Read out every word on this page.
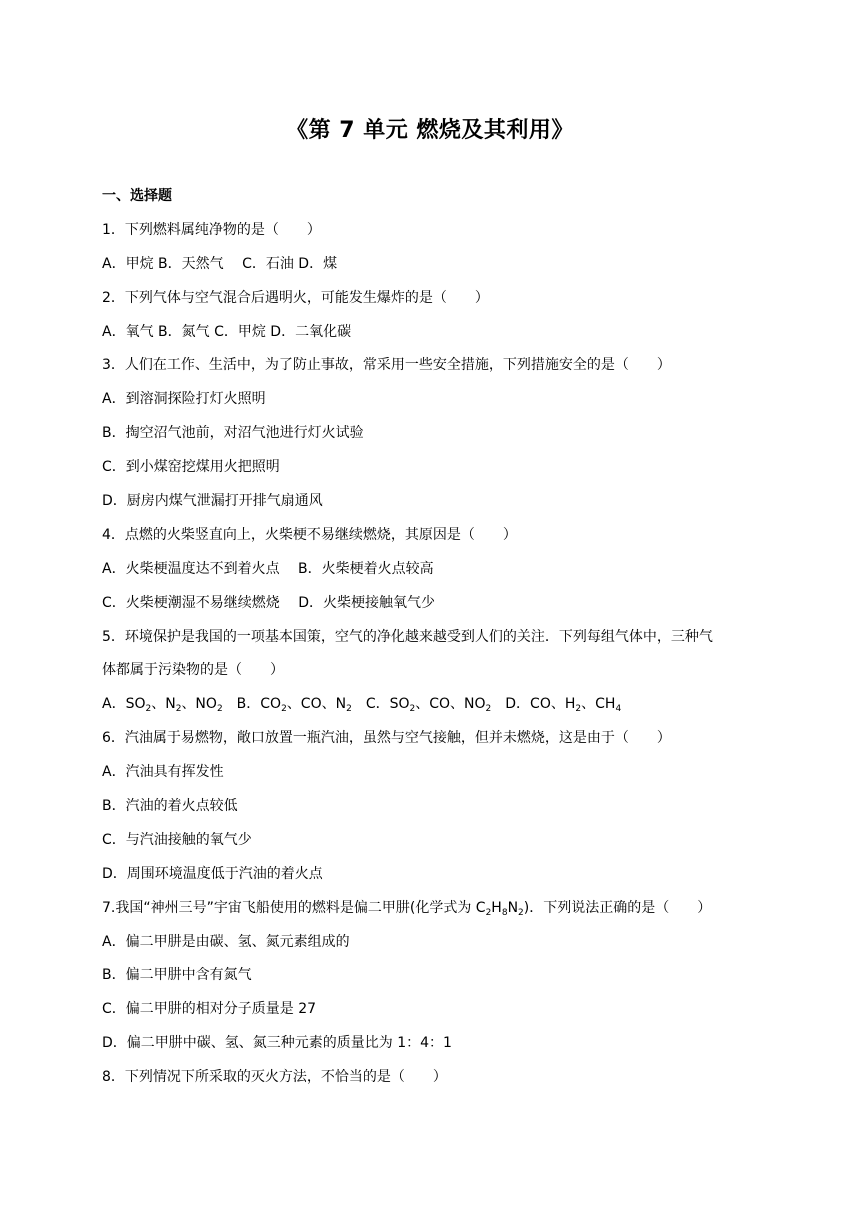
《第 7 单元 燃烧及其利用》
一、选择题
1．下列燃料属纯净物的是（　　）
A．甲烷 B．天然气　 C．石油 D．煤
2．下列气体与空气混合后遇明火，可能发生爆炸的是（　　）
A．氧气 B．氮气 C．甲烷 D．二氧化碳
3．人们在工作、生活中，为了防止事故，常采用一些安全措施，下列措施安全的是（　　）
A．到溶洞探险打灯火照明
B．掏空沼气池前，对沼气池进行灯火试验
C．到小煤窑挖煤用火把照明
D．厨房内煤气泄漏打开排气扇通风
4．点燃的火柴竖直向上，火柴梗不易继续燃烧，其原因是（　　）
A．火柴梗温度达不到着火点　 B．火柴梗着火点较高
C．火柴梗潮湿不易继续燃烧　 D．火柴梗接触氧气少
5．环境保护是我国的一项基本国策，空气的净化越来越受到人们的关注．下列每组气体中，三种气
体都属于污染物的是（　　）
A．$SO_2$、$N_2$、$NO_2$ B．$CO_2$、CO、$N_2$ C．$SO_2$、CO、$NO_2$ D．CO、$H_2$、$CH_4$
6．汽油属于易燃物，敞口放置一瓶汽油，虽然与空气接触，但并未燃烧，这是由于（　　）
A．汽油具有挥发性
B．汽油的着火点较低
C．与汽油接触的氧气少
D．周围环境温度低于汽油的着火点
7.我国“神州三号”宇宙飞船使用的燃料是偏二甲肼(化学式为 $C_2H_8N_2$)．下列说法正确的是（　　）
A．偏二甲肼是由碳、氢、氮元素组成的
B．偏二甲肼中含有氮气
C．偏二甲肼的相对分子质量是 27
D．偏二甲肼中碳、氢、氮三种元素的质量比为 1：4：1
8．下列情况下所采取的灭火方法，不恰当的是（　　）
